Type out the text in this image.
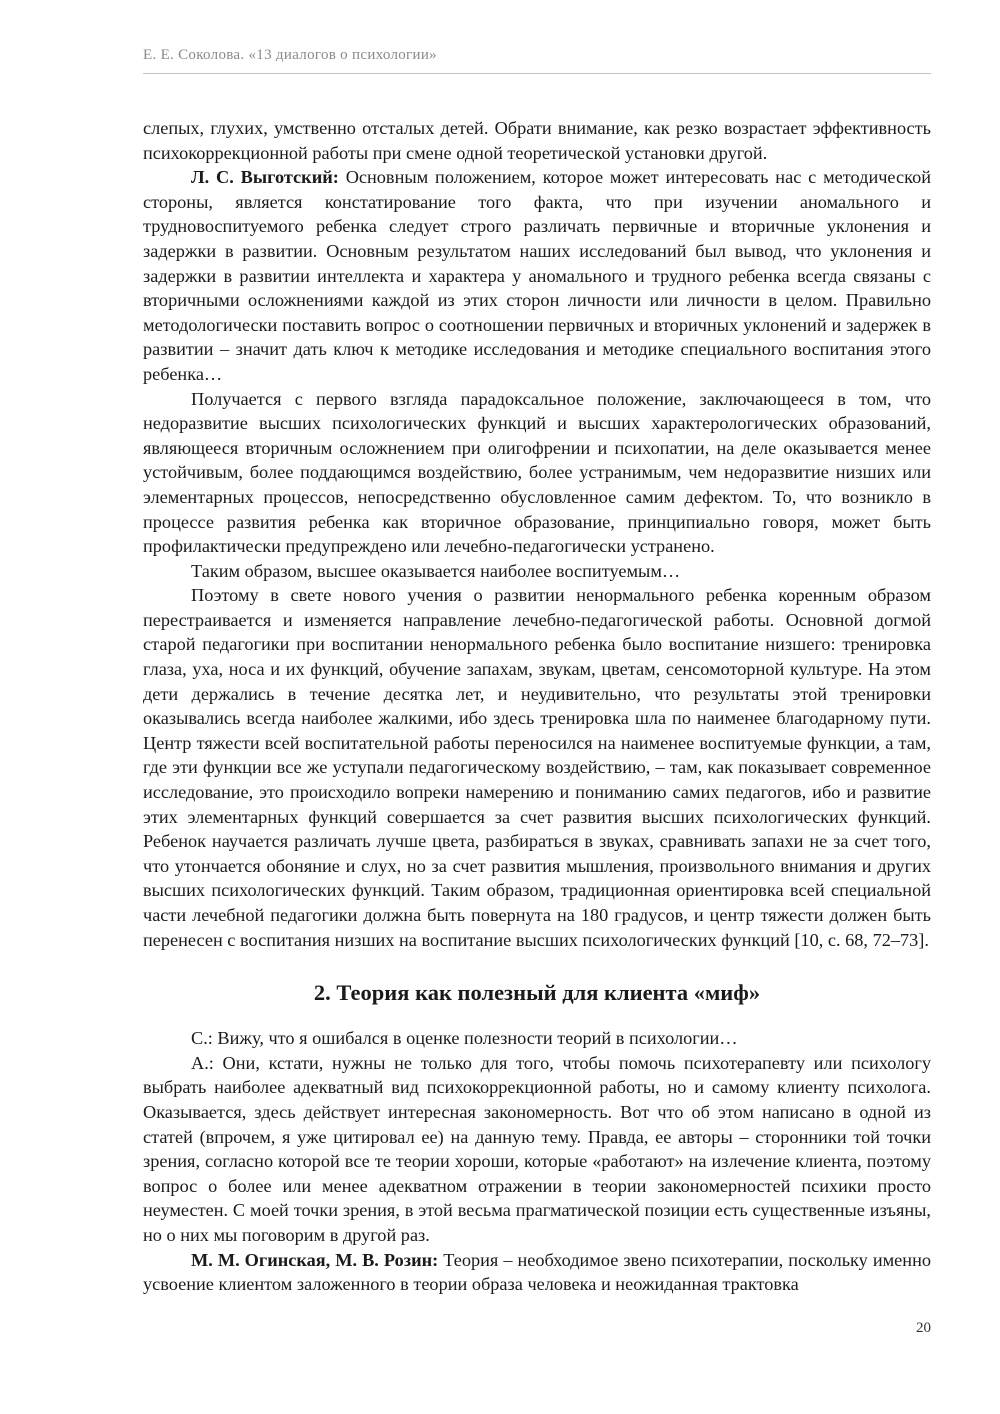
Е. Е. Соколова. «13 диалогов о психологии»

слепых, глухих, умственно отсталых детей. Обрати внимание, как резко возрастает эффективность психокоррекционной работы при смене одной теоретической установки другой.

Л. С. Выготский: Основным положением, которое может интересовать нас с методической стороны, является констатирование того факта, что при изучении аномального и трудновоспитуемого ребенка следует строго различать первичные и вторичные уклонения и задержки в развитии. Основным результатом наших исследований был вывод, что уклонения и задержки в развитии интеллекта и характера у аномального и трудного ребенка всегда связаны с вторичными осложнениями каждой из этих сторон личности или личности в целом. Правильно методологически поставить вопрос о соотношении первичных и вторичных уклонений и задержек в развитии – значит дать ключ к методике исследования и методике специального воспитания этого ребенка…

Получается с первого взгляда парадоксальное положение, заключающееся в том, что недоразвитие высших психологических функций и высших характерологических образований, являющееся вторичным осложнением при олигофрении и психопатии, на деле оказывается менее устойчивым, более поддающимся воздействию, более устранимым, чем недоразвитие низших или элементарных процессов, непосредственно обусловленное самим дефектом. То, что возникло в процессе развития ребенка как вторичное образование, принципиально говоря, может быть профилактически предупреждено или лечебно-педагогически устранено.

Таким образом, высшее оказывается наиболее воспитуемым…

Поэтому в свете нового учения о развитии ненормального ребенка коренным образом перестраивается и изменяется направление лечебно-педагогической работы. Основной догмой старой педагогики при воспитании ненормального ребенка было воспитание низшего: тренировка глаза, уха, носа и их функций, обучение запахам, звукам, цветам, сенсомоторной культуре. На этом дети держались в течение десятка лет, и неудивительно, что результаты этой тренировки оказывались всегда наиболее жалкими, ибо здесь тренировка шла по наименее благодарному пути. Центр тяжести всей воспитательной работы переносился на наименее воспитуемые функции, а там, где эти функции все же уступали педагогическому воздействию, – там, как показывает современное исследование, это происходило вопреки намерению и пониманию самих педагогов, ибо и развитие этих элементарных функций совершается за счет развития высших психологических функций. Ребенок научается различать лучше цвета, разбираться в звуках, сравнивать запахи не за счет того, что утончается обоняние и слух, но за счет развития мышления, произвольного внимания и других высших психологических функций. Таким образом, традиционная ориентировка всей специальной части лечебной педагогики должна быть повернута на 180 градусов, и центр тяжести должен быть перенесен с воспитания низших на воспитание высших психологических функций [10, с. 68, 72–73].

2. Теория как полезный для клиента «миф»

С.: Вижу, что я ошибался в оценке полезности теорий в психологии…

А.: Они, кстати, нужны не только для того, чтобы помочь психотерапевту или психологу выбрать наиболее адекватный вид психокоррекционной работы, но и самому клиенту психолога. Оказывается, здесь действует интересная закономерность. Вот что об этом написано в одной из статей (впрочем, я уже цитировал ее) на данную тему. Правда, ее авторы – сторонники той точки зрения, согласно которой все те теории хороши, которые «работают» на излечение клиента, поэтому вопрос о более или менее адекватном отражении в теории закономерностей психики просто неуместен. С моей точки зрения, в этой весьма прагматической позиции есть существенные изъяны, но о них мы поговорим в другой раз.

М. М. Огинская, М. В. Розин: Теория – необходимое звено психотерапии, поскольку именно усвоение клиентом заложенного в теории образа человека и неожиданная трактовка

20
